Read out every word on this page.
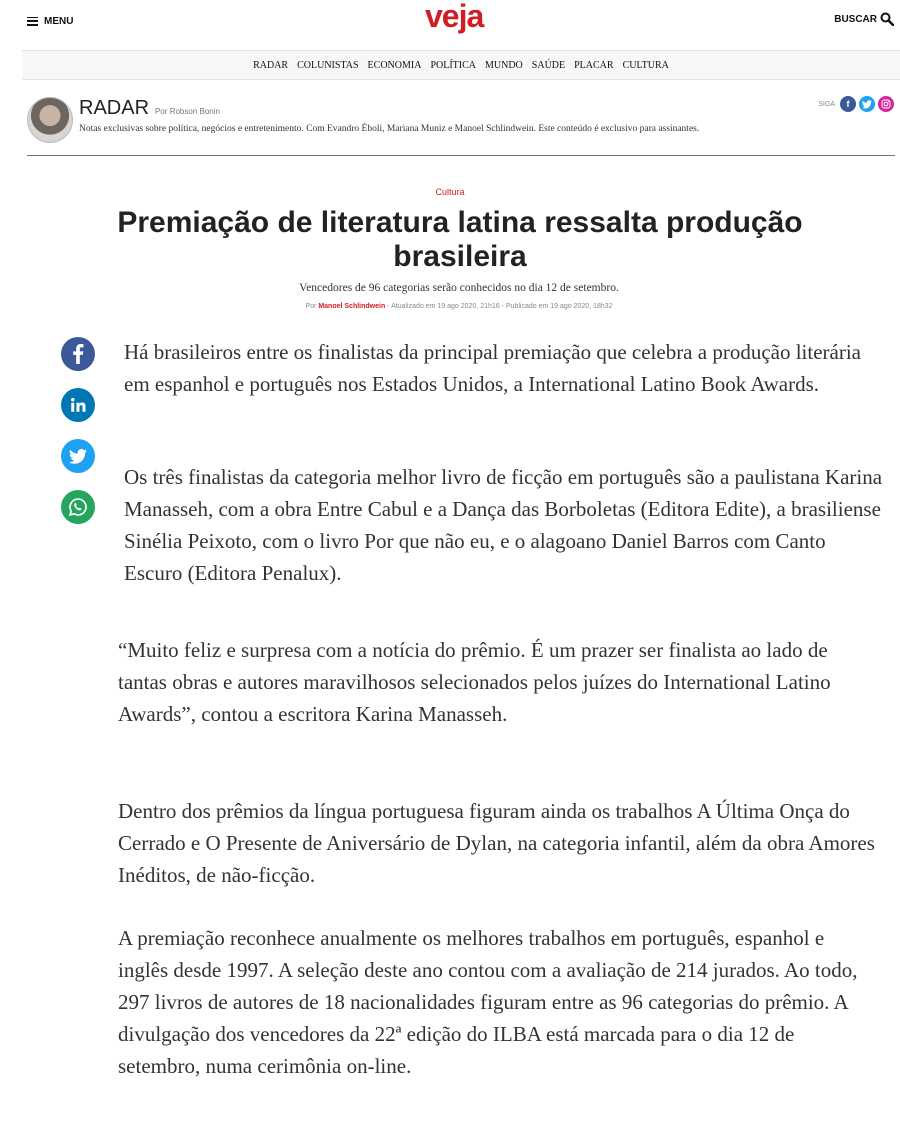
MENU	veja	BUSCAR
RADAR COLUNISTAS ECONOMIA POLÍTICA MUNDO SAÚDE PLACAR CULTURA
RADAR Por Robson Bonin
Notas exclusivas sobre política, negócios e entretenimento. Com Evandro Éboli, Mariana Muniz e Manoel Schlindwein. Este conteúdo é exclusivo para assinantes.
SIGA	f
Cultura
Premiação de literatura latina ressalta produção brasileira
Vencedores de 96 categorias serão conhecidos no dia 12 de setembro.
Por Manoel Schlindwein - Atualizado em 19 ago 2020, 21h16 - Publicado em 19 ago 2020, 18h32

Há brasileiros entre os finalistas da principal premiação que celebra a produção literária em espanhol e português nos Estados Unidos, a International Latino Book Awards.

Os três finalistas da categoria melhor livro de ficção em português são a paulistana Karina Manasseh, com a obra Entre Cabul e a Dança das Borboletas (Editora Edite), a brasiliense Sinélia Peixoto, com o livro Por que não eu, e o alagoano Daniel Barros com Canto Escuro (Editora Penalux).

“Muito feliz e surpresa com a notícia do prêmio. É um prazer ser finalista ao lado de tantas obras e autores maravilhosos selecionados pelos juízes do International Latino Awards”, contou a escritora Karina Manasseh.

Dentro dos prêmios da língua portuguesa figuram ainda os trabalhos A Última Onça do Cerrado e O Presente de Aniversário de Dylan, na categoria infantil, além da obra Amores Inéditos, de não-ficção.

A premiação reconhece anualmente os melhores trabalhos em português, espanhol e inglês desde 1997. A seleção deste ano contou com a avaliação de 214 jurados. Ao todo, 297 livros de autores de 18 nacionalidades figuram entre as 96 categorias do prêmio. A divulgação dos vencedores da 22ª edição do ILBA está marcada para o dia 12 de setembro, numa cerimônia on-line.
